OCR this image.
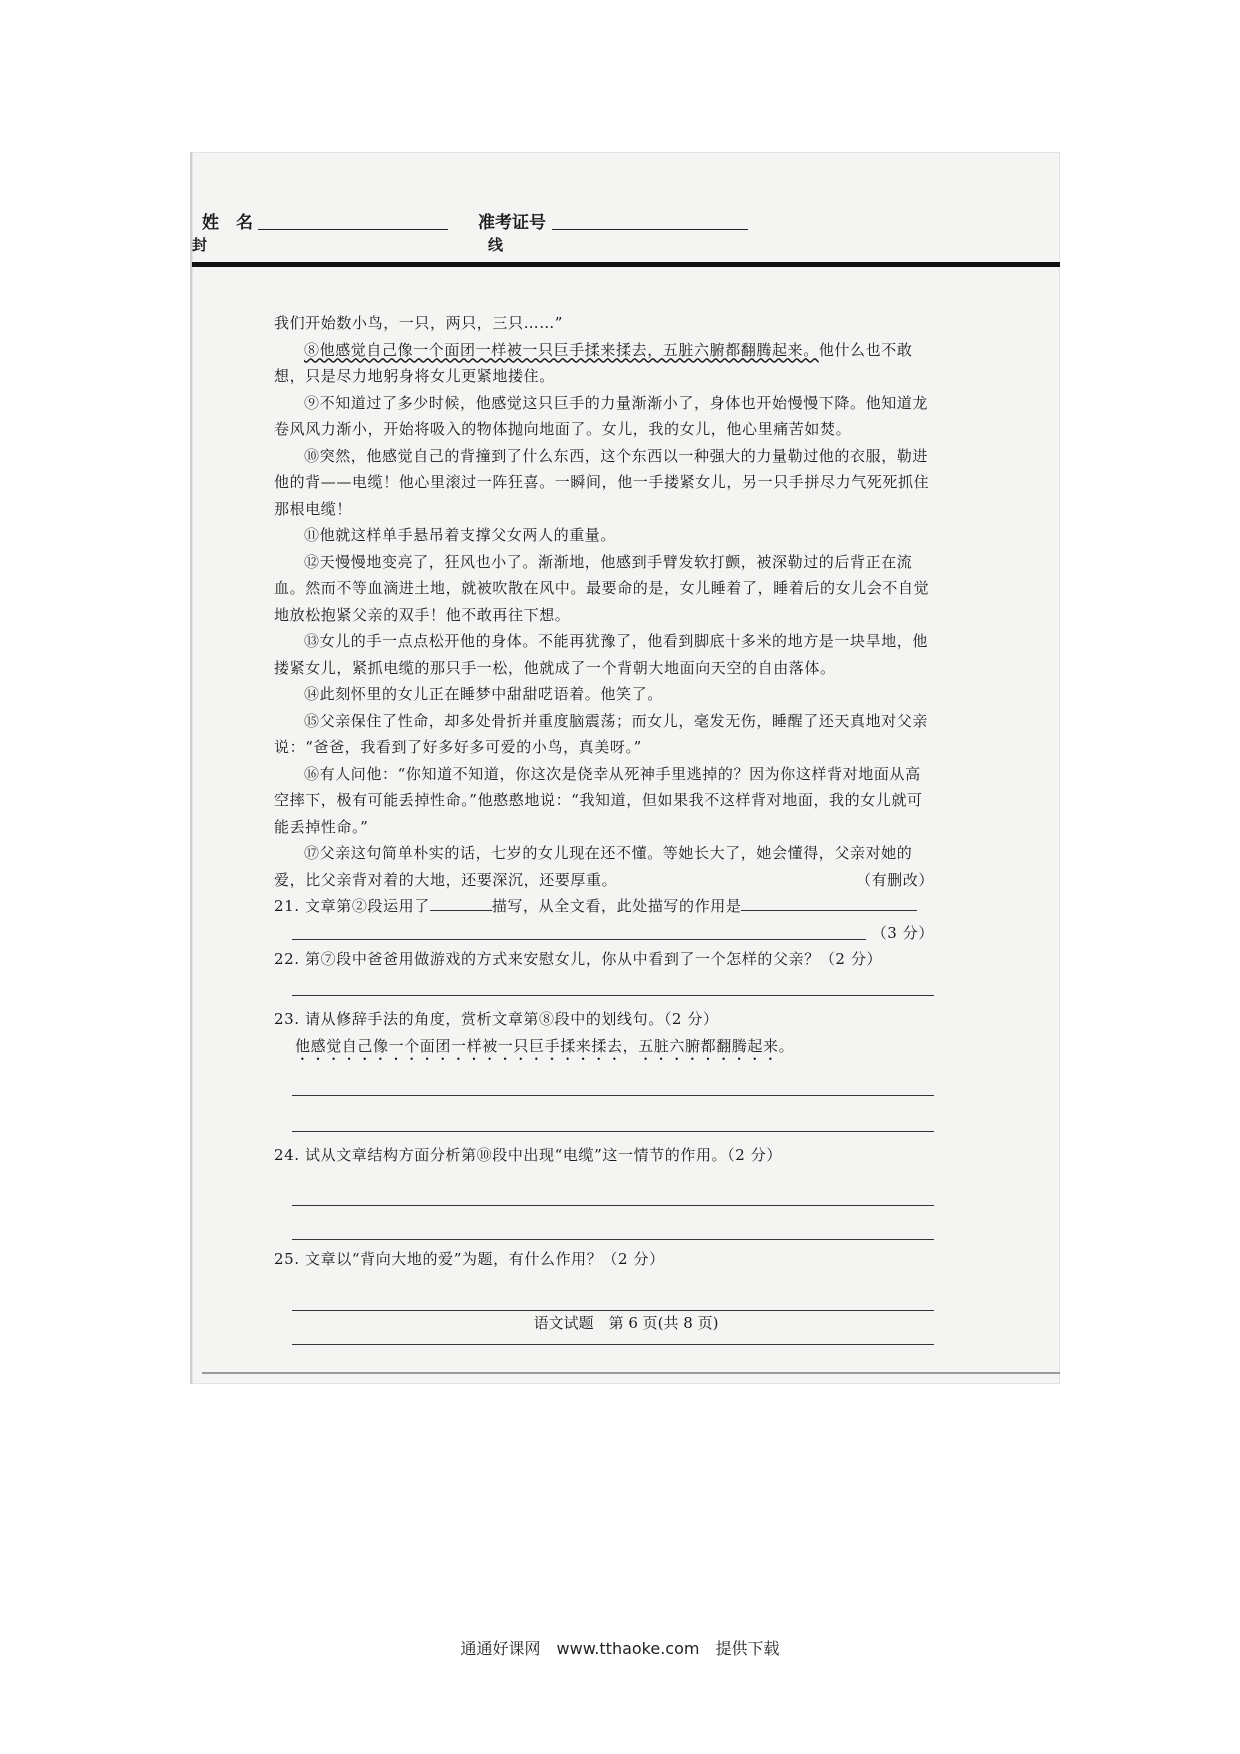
姓　名	准考证号
封	线

我们开始数小鸟，一只，两只，三只……”

⑧他感觉自己像一个面团一样被一只巨手揉来揉去，五脏六腑都翻腾起来。他什么也不敢想，只是尽力地躬身将女儿更紧地搂住。

⑨不知道过了多少时候，他感觉这只巨手的力量渐渐小了，身体也开始慢慢下降。他知道龙卷风风力渐小，开始将吸入的物体抛向地面了。女儿，我的女儿，他心里痛苦如焚。

⑩突然，他感觉自己的背撞到了什么东西，这个东西以一种强大的力量勒过他的衣服，勒进他的背——电缆！他心里滚过一阵狂喜。一瞬间，他一手搂紧女儿，另一只手拼尽力气死死抓住那根电缆！

⑪他就这样单手悬吊着支撑父女两人的重量。

⑫天慢慢地变亮了，狂风也小了。渐渐地，他感到手臂发软打颤，被深勒过的后背正在流血。然而不等血滴进土地，就被吹散在风中。最要命的是，女儿睡着了，睡着后的女儿会不自觉地放松抱紧父亲的双手！他不敢再往下想。

⑬女儿的手一点点松开他的身体。不能再犹豫了，他看到脚底十多米的地方是一块旱地，他搂紧女儿，紧抓电缆的那只手一松，他就成了一个背朝大地面向天空的自由落体。

⑭此刻怀里的女儿正在睡梦中甜甜呓语着。他笑了。

⑮父亲保住了性命，却多处骨折并重度脑震荡；而女儿，毫发无伤，睡醒了还天真地对父亲说：“爸爸，我看到了好多好多可爱的小鸟，真美呀。”

⑯有人问他：“你知道不知道，你这次是侥幸从死神手里逃掉的？因为你这样背对地面从高空摔下，极有可能丢掉性命。”他憨憨地说：“我知道，但如果我不这样背对地面，我的女儿就可能丢掉性命。”

⑰父亲这句简单朴实的话，七岁的女儿现在还不懂。等她长大了，她会懂得，父亲对她的爱，比父亲背对着的大地，还要深沉，还要厚重。	（有删改）

21. 文章第②段运用了	描写，从全文看，此处描写的作用是

（3 分）

22. 第⑦段中爸爸用做游戏的方式来安慰女儿，你从中看到了一个怎样的父亲？（2 分）

23. 请从修辞手法的角度，赏析文章第⑧段中的划线句。（2 分）

他感觉自己像一个面团一样被一只巨手揉来揉去，五脏六腑都翻腾起来。

24. 试从文章结构方面分析第⑩段中出现“电缆”这一情节的作用。（2 分）

25. 文章以“背向大地的爱”为题，有什么作用？（2 分）

语文试题　第 6 页(共 8 页)
通通好课网　www.tthaoke.com　提供下载
